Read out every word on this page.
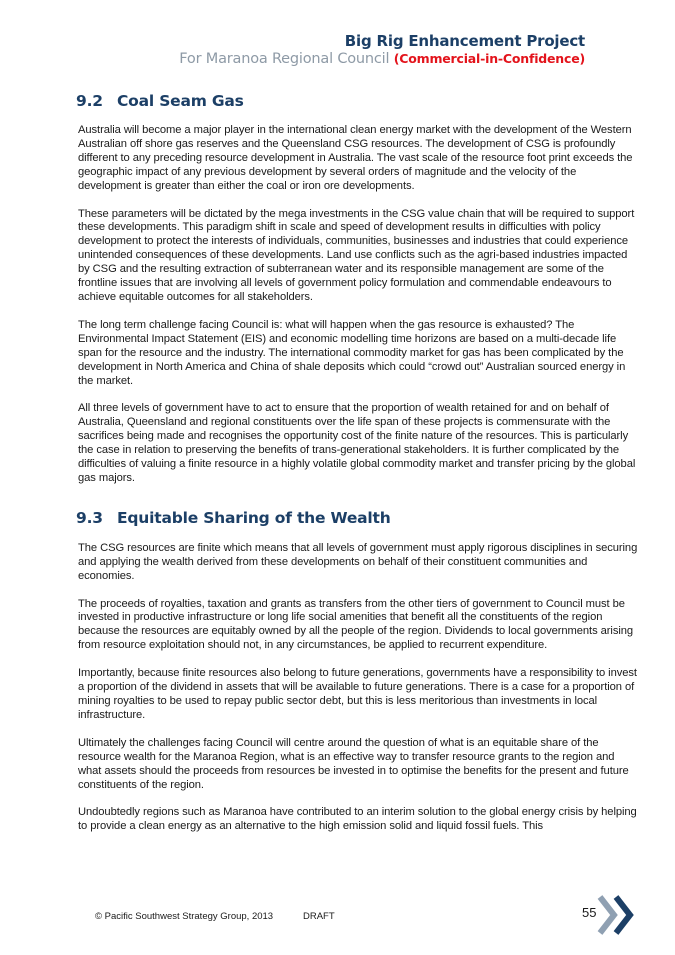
Big Rig Enhancement Project
For Maranoa Regional Council (Commercial-in-Confidence)
9.2 Coal Seam Gas

Australia will become a major player in the international clean energy market with the development of the Western Australian off shore gas reserves and the Queensland CSG resources. The development of CSG is profoundly different to any preceding resource development in Australia. The vast scale of the resource foot print exceeds the geographic impact of any previous development by several orders of magnitude and the velocity of the development is greater than either the coal or iron ore developments.

These parameters will be dictated by the mega investments in the CSG value chain that will be required to support these developments. This paradigm shift in scale and speed of development results in difficulties with policy development to protect the interests of individuals, communities, businesses and industries that could experience unintended consequences of these developments. Land use conflicts such as the agri-based industries impacted by CSG and the resulting extraction of subterranean water and its responsible management are some of the frontline issues that are involving all levels of government policy formulation and commendable endeavours to achieve equitable outcomes for all stakeholders.

The long term challenge facing Council is: what will happen when the gas resource is exhausted? The Environmental Impact Statement (EIS) and economic modelling time horizons are based on a multi-decade life span for the resource and the industry. The international commodity market for gas has been complicated by the development in North America and China of shale deposits which could “crowd out” Australian sourced energy in the market.

All three levels of government have to act to ensure that the proportion of wealth retained for and on behalf of Australia, Queensland and regional constituents over the life span of these projects is commensurate with the sacrifices being made and recognises the opportunity cost of the finite nature of the resources. This is particularly the case in relation to preserving the benefits of trans-generational stakeholders. It is further complicated by the difficulties of valuing a finite resource in a highly volatile global commodity market and transfer pricing by the global gas majors.

9.3 Equitable Sharing of the Wealth

The CSG resources are finite which means that all levels of government must apply rigorous disciplines in securing and applying the wealth derived from these developments on behalf of their constituent communities and economies.

The proceeds of royalties, taxation and grants as transfers from the other tiers of government to Council must be invested in productive infrastructure or long life social amenities that benefit all the constituents of the region because the resources are equitably owned by all the people of the region. Dividends to local governments arising from resource exploitation should not, in any circumstances, be applied to recurrent expenditure.

Importantly, because finite resources also belong to future generations, governments have a responsibility to invest a proportion of the dividend in assets that will be available to future generations. There is a case for a proportion of mining royalties to be used to repay public sector debt, but this is less meritorious than investments in local infrastructure.

Ultimately the challenges facing Council will centre around the question of what is an equitable share of the resource wealth for the Maranoa Region, what is an effective way to transfer resource grants to the region and what assets should the proceeds from resources be invested in to optimise the benefits for the present and future constituents of the region.

Undoubtedly regions such as Maranoa have contributed to an interim solution to the global energy crisis by helping to provide a clean energy as an alternative to the high emission solid and liquid fossil fuels. This

© Pacific Southwest Strategy Group, 2013	DRAFT	55
